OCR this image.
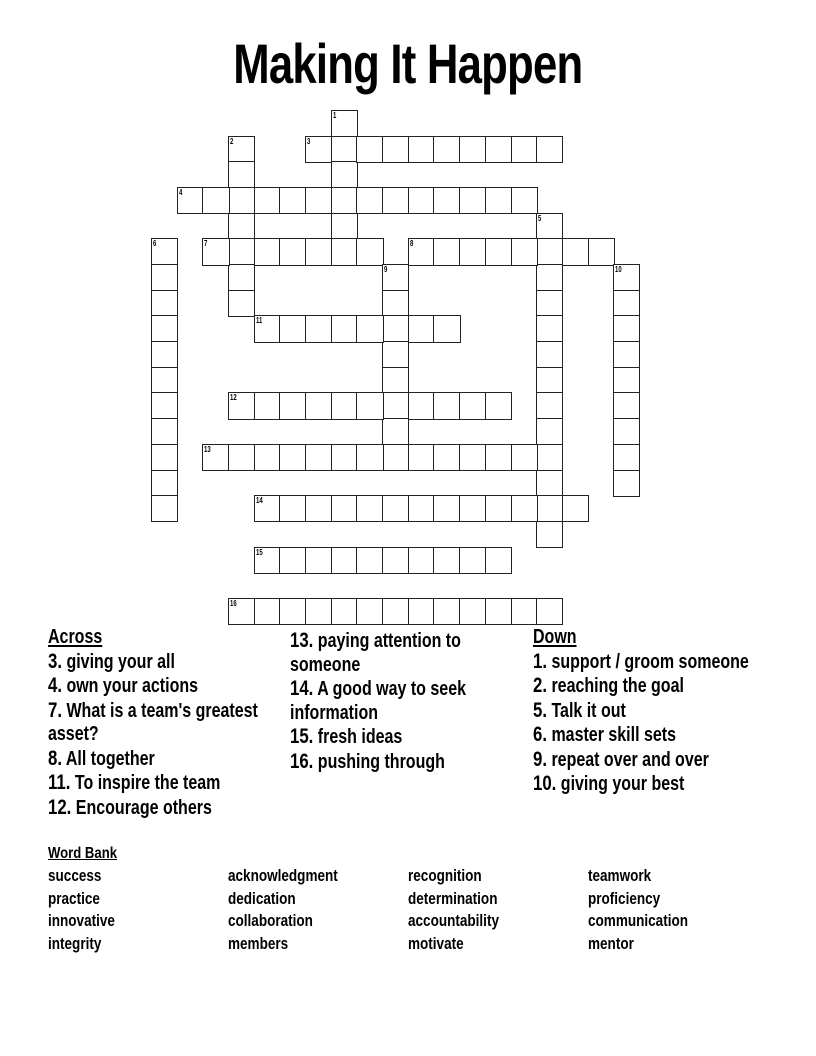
Making It Happen
1
2	3
4
5
6	7	8
9	10
11
12
13
14
15
16
Across
3. giving your all
4. own your actions
7. What is a team's greatest asset?
8. All together
11. To inspire the team
12. Encourage others
13. paying attention to someone
14. A good way to seek information
15. fresh ideas
16. pushing through
Down
1. support / groom someone
2. reaching the goal
5. Talk it out
6. master skill sets
9. repeat over and over
10. giving your best
Word Bank
success
practice
innovative
integrity
acknowledgment
dedication
collaboration
members
recognition
determination
accountability
motivate
teamwork
proficiency
communication
mentor
